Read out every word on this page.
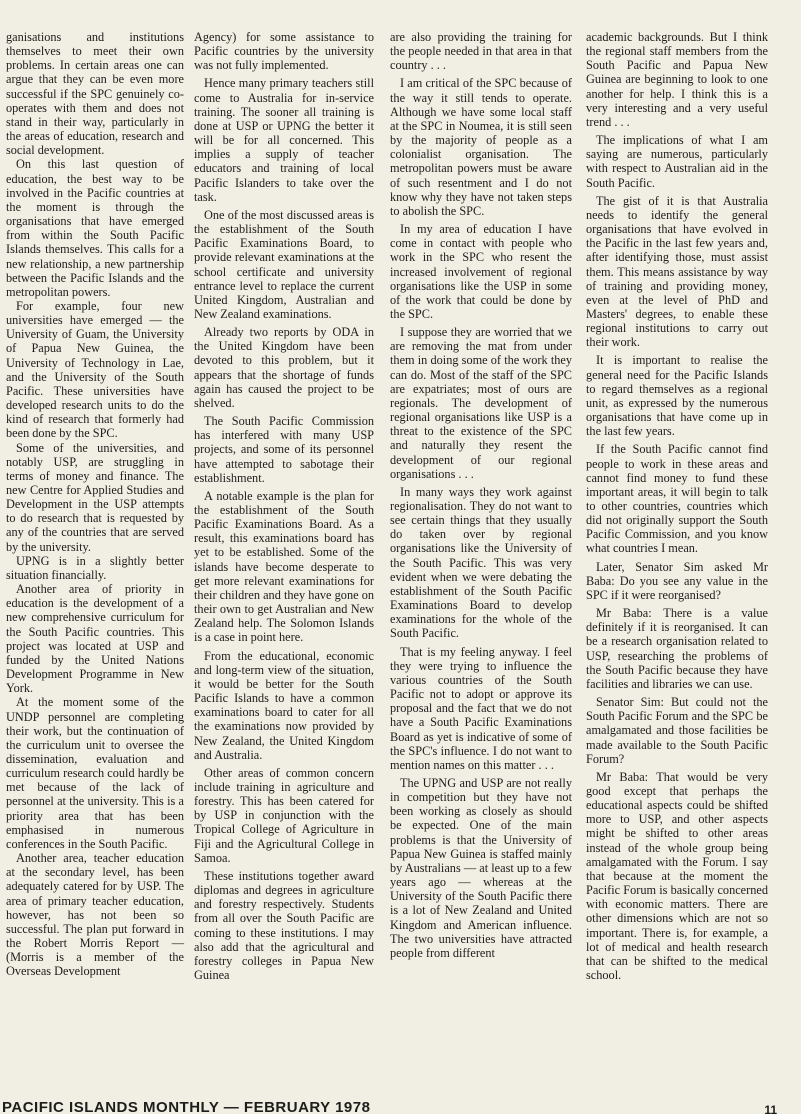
ganisations and institutions themselves to meet their own problems. In certain areas one can argue that they can be even more successful if the SPC genuinely co-operates with them and does not stand in their way, particularly in the areas of education, research and social development.

On this last question of education, the best way to be involved in the Pacific countries at the moment is through the organisations that have emerged from within the South Pacific Islands themselves. This calls for a new relationship, a new partnership between the Pacific Islands and the metropolitan powers.

For example, four new universities have emerged — the University of Guam, the University of Papua New Guinea, the University of Technology in Lae, and the University of the South Pacific. These universities have developed research units to do the kind of research that formerly had been done by the SPC.

Some of the universities, and notably USP, are struggling in terms of money and finance. The new Centre for Applied Studies and Development in the USP attempts to do research that is requested by any of the countries that are served by the university.

UPNG is in a slightly better situation financially.

Another area of priority in education is the development of a new comprehensive curriculum for the South Pacific countries. This project was located at USP and funded by the United Nations Development Programme in New York.

At the moment some of the UNDP personnel are completing their work, but the continuation of the curriculum unit to oversee the dissemination, evaluation and curriculum research could hardly be met because of the lack of personnel at the university. This is a priority area that has been emphasised in numerous conferences in the South Pacific.

Another area, teacher education at the secondary level, has been adequately catered for by USP. The area of primary teacher education, however, has not been so successful. The plan put forward in the Robert Morris Report — (Morris is a member of the Overseas Development

Agency) for some assistance to Pacific countries by the university was not fully implemented.

Hence many primary teachers still come to Australia for in-service training. The sooner all training is done at USP or UPNG the better it will be for all concerned. This implies a supply of teacher educators and training of local Pacific Islanders to take over the task.

One of the most discussed areas is the establishment of the South Pacific Examinations Board, to provide relevant examinations at the school certificate and university entrance level to replace the current United Kingdom, Australian and New Zealand examinations.

Already two reports by ODA in the United Kingdom have been devoted to this problem, but it appears that the shortage of funds again has caused the project to be shelved.

The South Pacific Commission has interfered with many USP projects, and some of its personnel have attempted to sabotage their establishment.

A notable example is the plan for the establishment of the South Pacific Examinations Board. As a result, this examinations board has yet to be established. Some of the islands have become desperate to get more relevant examinations for their children and they have gone on their own to get Australian and New Zealand help. The Solomon Islands is a case in point here.

From the educational, economic and long-term view of the situation, it would be better for the South Pacific Islands to have a common examinations board to cater for all the examinations now provided by New Zealand, the United Kingdom and Australia.

Other areas of common concern include training in agriculture and forestry. This has been catered for by USP in conjunction with the Tropical College of Agriculture in Fiji and the Agricultural College in Samoa.

These institutions together award diplomas and degrees in agriculture and forestry respectively. Students from all over the South Pacific are coming to these institutions. I may also add that the agricultural and forestry colleges in Papua New Guinea

are also providing the training for the people needed in that area in that country . . .

I am critical of the SPC because of the way it still tends to operate. Although we have some local staff at the SPC in Noumea, it is still seen by the majority of people as a colonialist organisation. The metropolitan powers must be aware of such resentment and I do not know why they have not taken steps to abolish the SPC.

In my area of education I have come in contact with people who work in the SPC who resent the increased involvement of regional organisations like the USP in some of the work that could be done by the SPC.

I suppose they are worried that we are removing the mat from under them in doing some of the work they can do. Most of the staff of the SPC are expatriates; most of ours are regionals. The development of regional organisations like USP is a threat to the existence of the SPC and naturally they resent the development of our regional organisations . . .

In many ways they work against regionalisation. They do not want to see certain things that they usually do taken over by regional organisations like the University of the South Pacific. This was very evident when we were debating the establishment of the South Pacific Examinations Board to develop examinations for the whole of the South Pacific.

That is my feeling anyway. I feel they were trying to influence the various countries of the South Pacific not to adopt or approve its proposal and the fact that we do not have a South Pacific Examinations Board as yet is indicative of some of the SPC's influence. I do not want to mention names on this matter . . .

The UPNG and USP are not really in competition but they have not been working as closely as should be expected. One of the main problems is that the University of Papua New Guinea is staffed mainly by Australians — at least up to a few years ago — whereas at the University of the South Pacific there is a lot of New Zealand and United Kingdom and American influence. The two universities have attracted people from different

academic backgrounds. But I think the regional staff members from the South Pacific and Papua New Guinea are beginning to look to one another for help. I think this is a very interesting and a very useful trend . . .

The implications of what I am saying are numerous, particularly with respect to Australian aid in the South Pacific.

The gist of it is that Australia needs to identify the general organisations that have evolved in the Pacific in the last few years and, after identifying those, must assist them. This means assistance by way of training and providing money, even at the level of PhD and Masters' degrees, to enable these regional institutions to carry out their work.

It is important to realise the general need for the Pacific Islands to regard themselves as a regional unit, as expressed by the numerous organisations that have come up in the last few years.

If the South Pacific cannot find people to work in these areas and cannot find money to fund these important areas, it will begin to talk to other countries, countries which did not originally support the South Pacific Commission, and you know what countries I mean.

Later, Senator Sim asked Mr Baba: Do you see any value in the SPC if it were reorganised?

Mr Baba: There is a value definitely if it is reorganised. It can be a research organisation related to USP, researching the problems of the South Pacific because they have facilities and libraries we can use.

Senator Sim: But could not the South Pacific Forum and the SPC be amalgamated and those facilities be made available to the South Pacific Forum?

Mr Baba: That would be very good except that perhaps the educational aspects could be shifted more to USP, and other aspects might be shifted to other areas instead of the whole group being amalgamated with the Forum. I say that because at the moment the Pacific Forum is basically concerned with economic matters. There are other dimensions which are not so important. There is, for example, a lot of medical and health research that can be shifted to the medical school.

PACIFIC ISLANDS MONTHLY — FEBRUARY 1978	11
